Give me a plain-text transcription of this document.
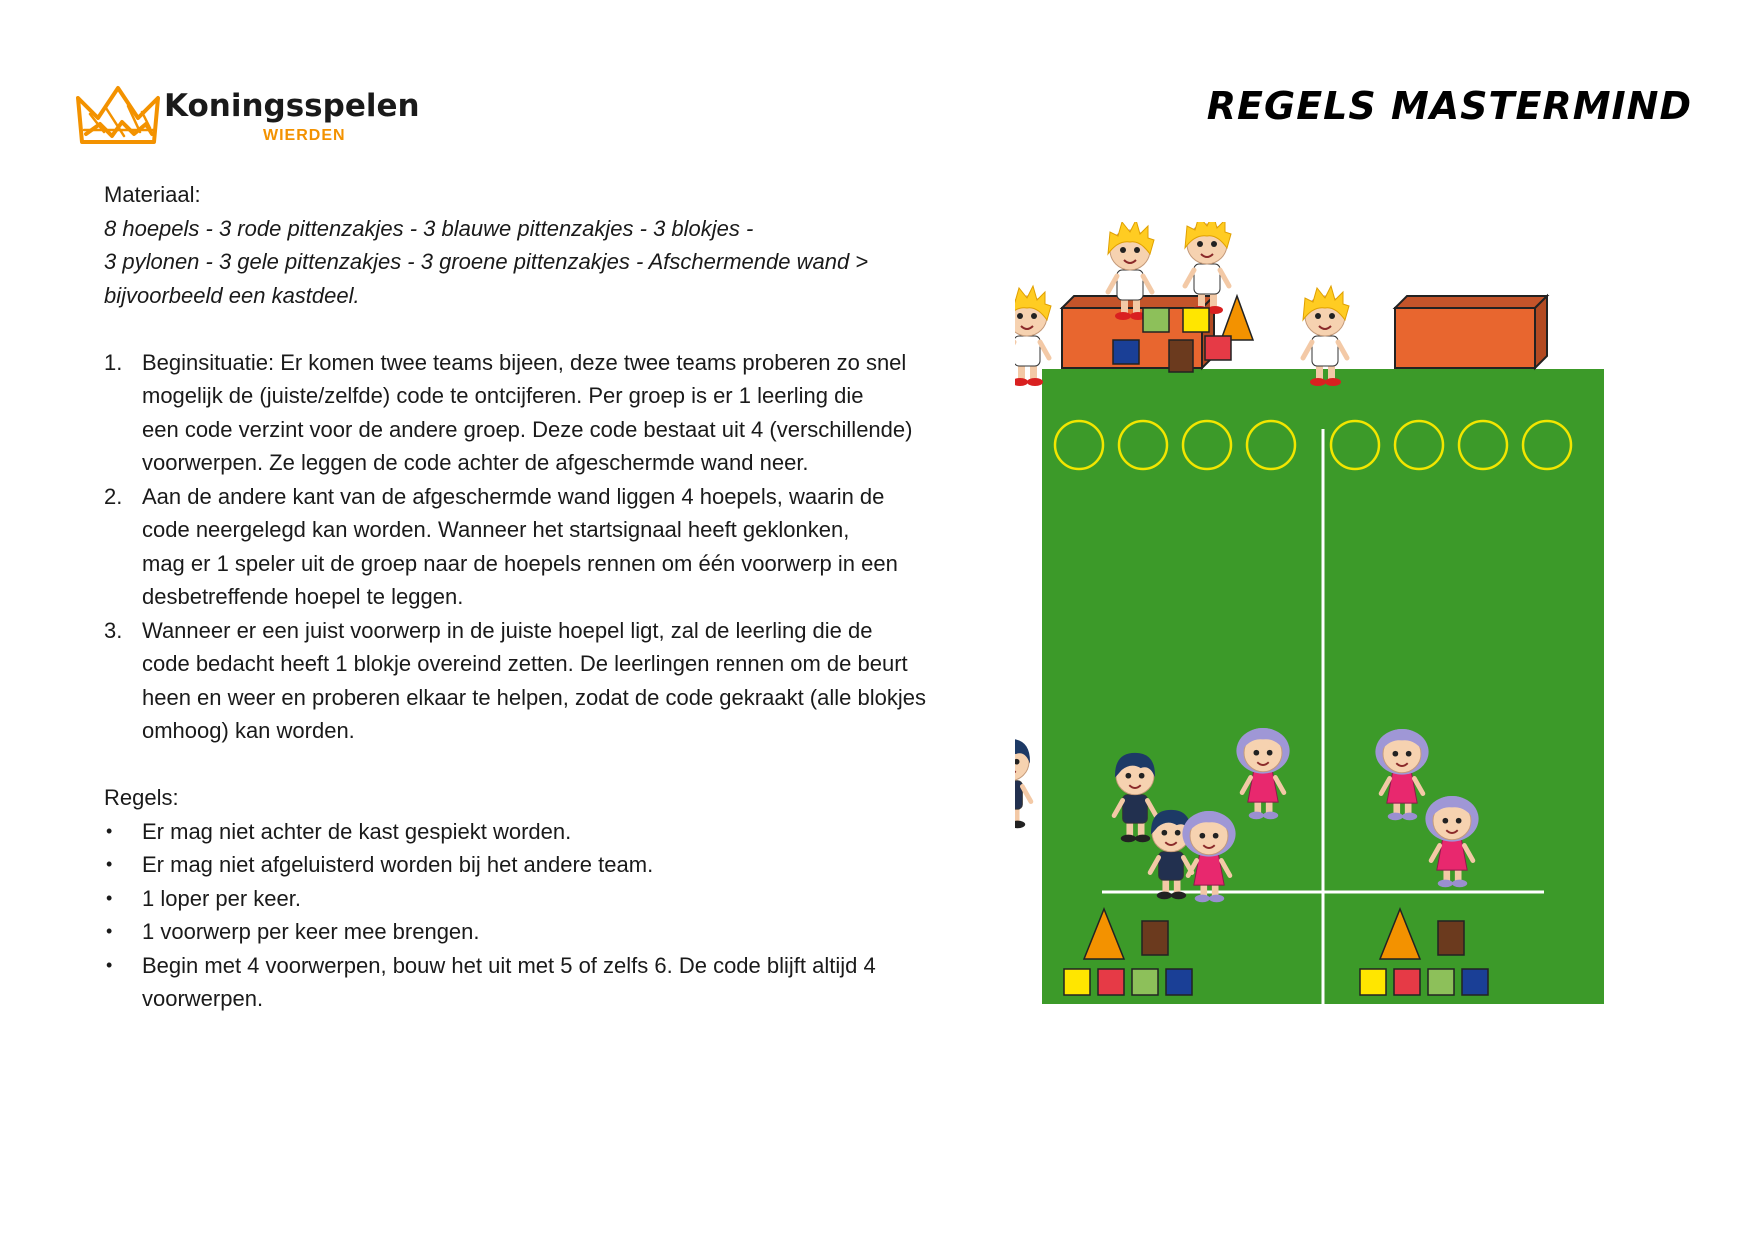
Koningsspelen
WIERDEN
REGELS MASTERMIND

Materiaal:

8 hoepels - 3 rode pittenzakjes - 3 blauwe pittenzakjes - 3 blokjes -

3 pylonen - 3 gele pittenzakjes - 3 groene pittenzakjes - Afschermende wand >

bijvoorbeeld een kastdeel.

1. Beginsituatie: Er komen twee teams bijeen, deze twee teams proberen zo snel
mogelijk de (juiste/zelfde) code te ontcijferen. Per groep is er 1 leerling die
een code verzint voor de andere groep. Deze code bestaat uit 4 (verschillende)
voorwerpen. Ze leggen de code achter de afgeschermde wand neer.
2. Aan de andere kant van de afgeschermde wand liggen 4 hoepels, waarin de
code neergelegd kan worden. Wanneer het startsignaal heeft geklonken,
mag er 1 speler uit de groep naar de hoepels rennen om één voorwerp in een
desbetreffende hoepel te leggen.
3. Wanneer er een juist voorwerp in de juiste hoepel ligt, zal de leerling die de
code bedacht heeft 1 blokje overeind zetten. De leerlingen rennen om de beurt
heen en weer en proberen elkaar te helpen, zodat de code gekraakt (alle blokjes
omhoog) kan worden.

Regels:

• Er mag niet achter de kast gespiekt worden.
• Er mag niet afgeluisterd worden bij het andere team.
• 1 loper per keer.
• 1 voorwerp per keer mee brengen.
• Begin met 4 voorwerpen, bouw het uit met 5 of zelfs 6. De code blijft altijd 4
voorwerpen.
